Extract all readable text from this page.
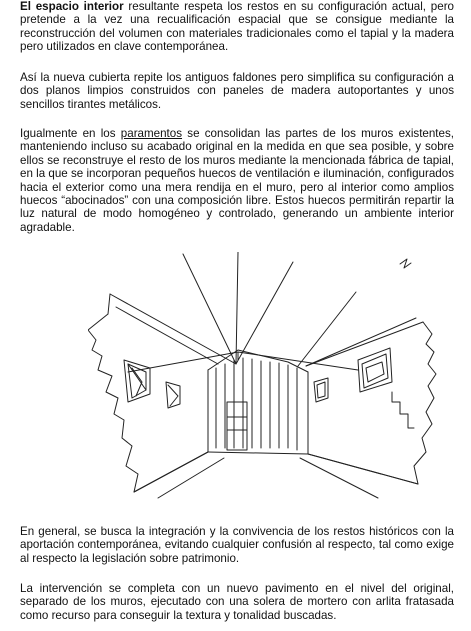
El espacio interior resultante respeta los restos en su configuración actual, pero pretende a la vez una recualificación espacial que se consigue mediante la reconstrucción del volumen con materiales tradicionales como el tapial y la madera pero utilizados en clave contemporánea.

Así la nueva cubierta repite los antiguos faldones pero simplifica su configuración a dos planos limpios construidos con paneles de madera autoportantes y unos sencillos tirantes metálicos.

Igualmente en los paramentos se consolidan las partes de los muros existentes, manteniendo incluso su acabado original en la medida en que sea posible, y sobre ellos se reconstruye el resto de los muros mediante la mencionada fábrica de tapial, en la que se incorporan pequeños huecos de ventilación e iluminación, configurados hacia el exterior como una mera rendija en el muro, pero al interior como amplios huecos “abocinados” con una composición libre. Estos huecos permitirán repartir la luz natural de modo homogéneo y controlado, generando un ambiente interior agradable.

En general, se busca la integración y la convivencia de los restos históricos con la aportación contemporánea, evitando cualquier confusión al respecto, tal como exige al respecto la legislación sobre patrimonio.

La intervención se completa con un nuevo pavimento en el nivel del original, separado de los muros, ejecutado con una solera de mortero con arlita fratasada como recurso para conseguir la textura y tonalidad buscadas.
